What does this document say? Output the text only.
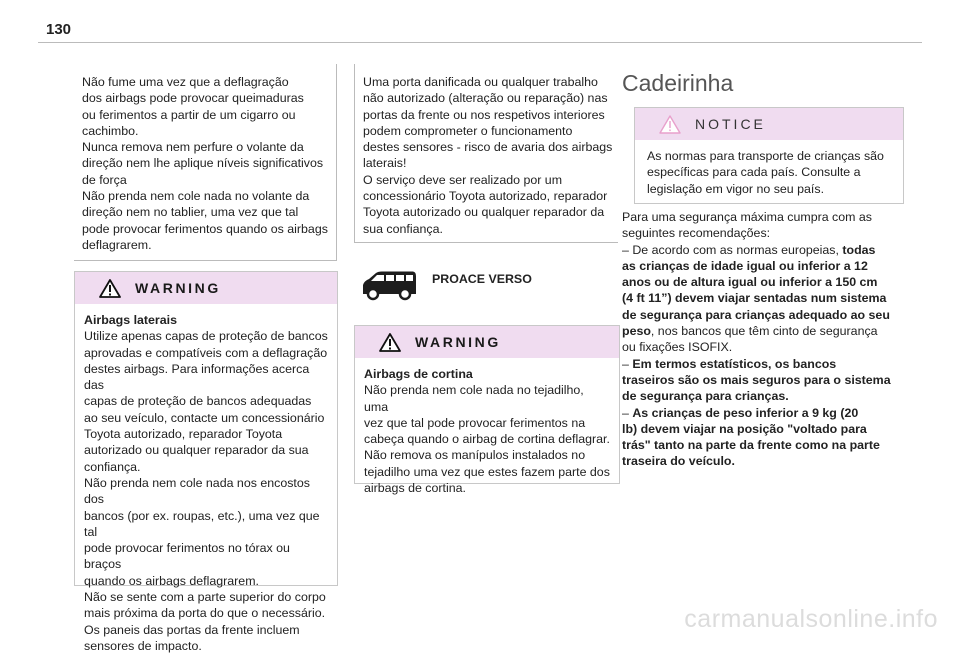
130

Não fume uma vez que a deflagração

dos airbags pode provocar queimaduras

ou ferimentos a partir de um cigarro ou

cachimbo.

Nunca remova nem perfure o volante da

direção nem lhe aplique níveis significativos

de força

Não prenda nem cole nada no volante da

direção nem no tablier, uma vez que tal

pode provocar ferimentos quando os airbags

deflagrarem.

WARNING

Airbags laterais

Utilize apenas capas de proteção de bancos

aprovadas e compatíveis com a deflagração

destes airbags. Para informações acerca das

capas de proteção de bancos adequadas

ao seu veículo, contacte um concessionário

Toyota autorizado, reparador Toyota

autorizado ou qualquer reparador da sua

confiança.

Não prenda nem cole nada nos encostos dos

bancos (por ex. roupas, etc.), uma vez que tal

pode provocar ferimentos no tórax ou braços

quando os airbags deflagrarem.

Não se sente com a parte superior do corpo

mais próxima da porta do que o necessário.

Os paneis das portas da frente incluem

sensores de impacto.

Uma porta danificada ou qualquer trabalho

não autorizado (alteração ou reparação) nas

portas da frente ou nos respetivos interiores

podem comprometer o funcionamento

destes sensores - risco de avaria dos airbags

laterais!

O serviço deve ser realizado por um

concessionário Toyota autorizado, reparador

Toyota autorizado ou qualquer reparador da

sua confiança.

PROACE VERSO
WARNING

Airbags de cortina

Não prenda nem cole nada no tejadilho, uma

vez que tal pode provocar ferimentos na

cabeça quando o airbag de cortina deflagrar.

Não remova os manípulos instalados no

tejadilho uma vez que estes fazem parte dos

airbags de cortina.

Cadeirinha
NOTICE

As normas para transporte de crianças são

específicas para cada país. Consulte a

legislação em vigor no seu país.

Para uma segurança máxima cumpra com as

seguintes recomendações:

– De acordo com as normas europeias, todas

as crianças de idade igual ou inferior a 12

anos ou de altura igual ou inferior a 150 cm

(4 ft 11”) devem viajar sentadas num sistema

de segurança para crianças adequado ao seu

peso, nos bancos que têm cinto de segurança

ou fixações ISOFIX.

– Em termos estatísticos, os bancos

traseiros são os mais seguros para o sistema

de segurança para crianças.

– As crianças de peso inferior a 9 kg (20

lb) devem viajar na posição "voltado para

trás" tanto na parte da frente como na parte

traseira do veículo.

carmanualsonline.info
